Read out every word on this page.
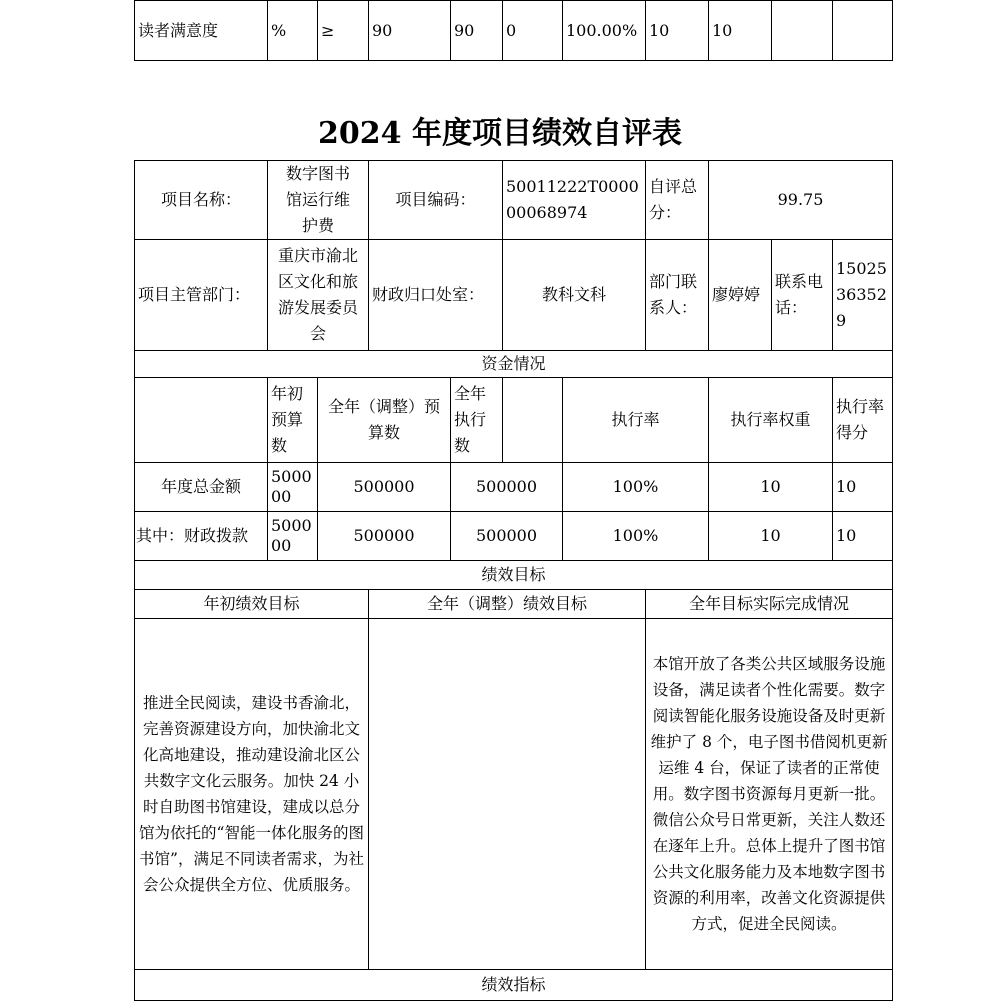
读者满意度	%	≥	90	90	0	100.00%	10	10		
2024 年度项目绩效自评表
项目名称：	数字图书馆运行维护费		项目编码：		50011222T000000068974		自评总分：	99.75		
项目主管部门：	重庆市渝北区文化和旅游发展委员会		财政归口处室：		教科文科		部门联系人：	廖婷婷	联系电话：	15025363529
资金情况										
	年初预算数	全年（调整）预算数		全年执行数		执行率		执行率权重		执行率得分
年度总金额	500000	500000		500000		100%		10		10
其中：财政拨款	500000	500000		500000		100%		10		10
绩效目标										
年初绩效目标			全年（调整）绩效目标				全年目标实际完成情况			
推进全民阅读，建设书香渝北，完善资源建设方向，加快渝北文化高地建设，推动建设渝北区公共数字文化云服务。加快 24 小时自助图书馆建设，建成以总分馆为依托的“智能一体化服务的图书馆”，满足不同读者需求，为社会公众提供全方位、优质服务。							本馆开放了各类公共区域服务设施设备，满足读者个性化需要。数字阅读智能化服务设施设备及时更新维护了 8 个，电子图书借阅机更新运维 4 台，保证了读者的正常使用。数字图书资源每月更新一批。微信公众号日常更新，关注人数还在逐年上升。总体上提升了图书馆公共文化服务能力及本地数字图书资源的利用率，改善文化资源提供方式，促进全民阅读。			
绩效指标										
